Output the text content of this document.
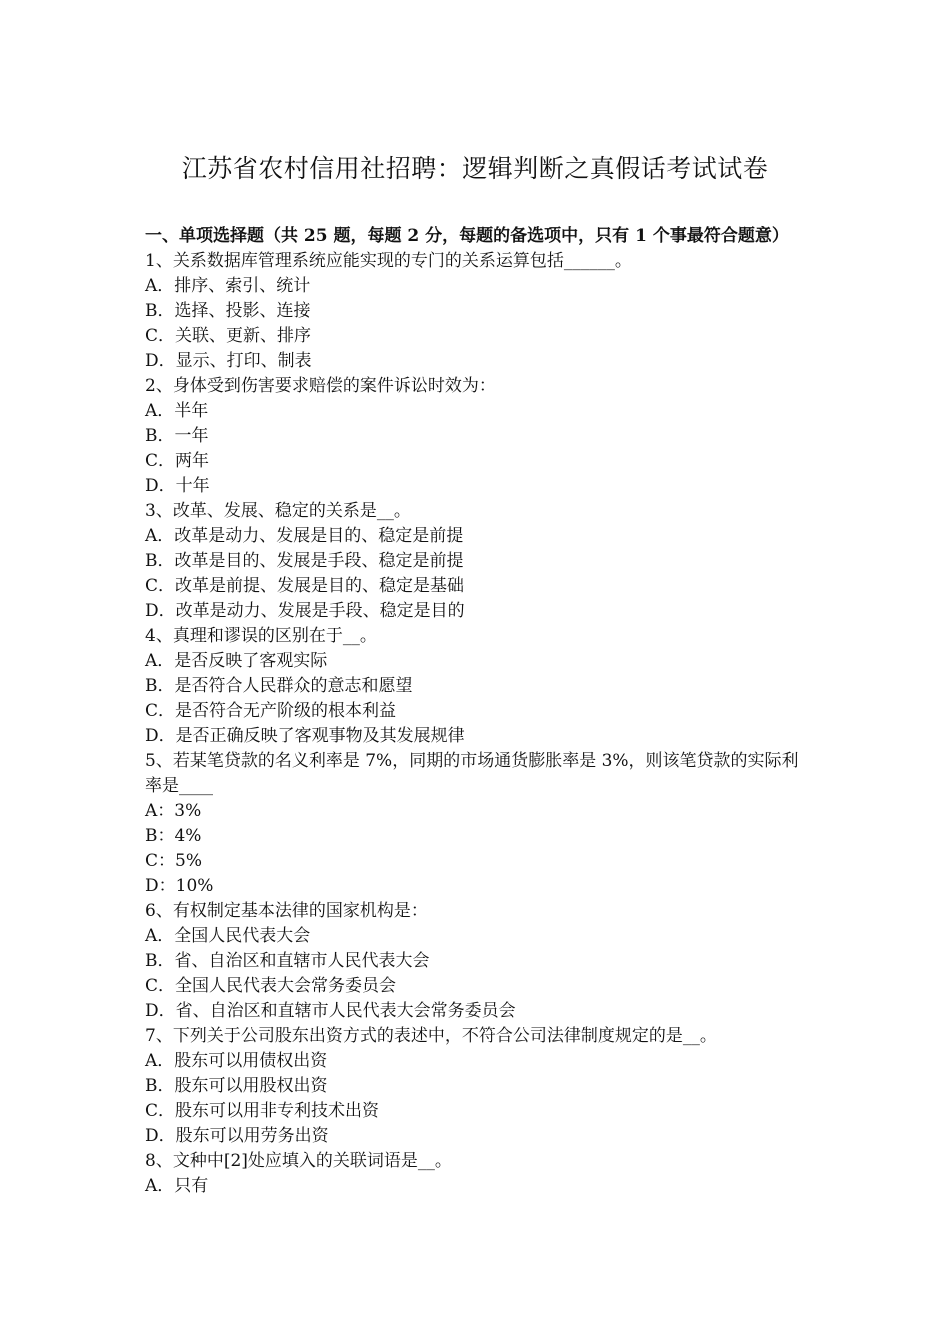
江苏省农村信用社招聘：逻辑判断之真假话考试试卷
一、单项选择题（共 25 题，每题 2 分，每题的备选项中，只有 1 个事最符合题意）
1、关系数据库管理系统应能实现的专门的关系运算包括______。
A．排序、索引、统计
B．选择、投影、连接
C．关联、更新、排序
D．显示、打印、制表
2、身体受到伤害要求赔偿的案件诉讼时效为：
A．半年
B．一年
C．两年
D．十年
3、改革、发展、稳定的关系是__。
A．改革是动力、发展是目的、稳定是前提
B．改革是目的、发展是手段、稳定是前提
C．改革是前提、发展是目的、稳定是基础
D．改革是动力、发展是手段、稳定是目的
4、真理和谬误的区别在于__。
A．是否反映了客观实际
B．是否符合人民群众的意志和愿望
C．是否符合无产阶级的根本利益
D．是否正确反映了客观事物及其发展规律
5、若某笔贷款的名义利率是 7%，同期的市场通货膨胀率是 3%，则该笔贷款的实际利率是____
A：3%
B：4%
C：5%
D：10%
6、有权制定基本法律的国家机构是：
A．全国人民代表大会
B．省、自治区和直辖市人民代表大会
C．全国人民代表大会常务委员会
D．省、自治区和直辖市人民代表大会常务委员会
7、下列关于公司股东出资方式的表述中，不符合公司法律制度规定的是__。
A．股东可以用债权出资
B．股东可以用股权出资
C．股东可以用非专利技术出资
D．股东可以用劳务出资
8、文种中[2]处应填入的关联词语是__。
A．只有
